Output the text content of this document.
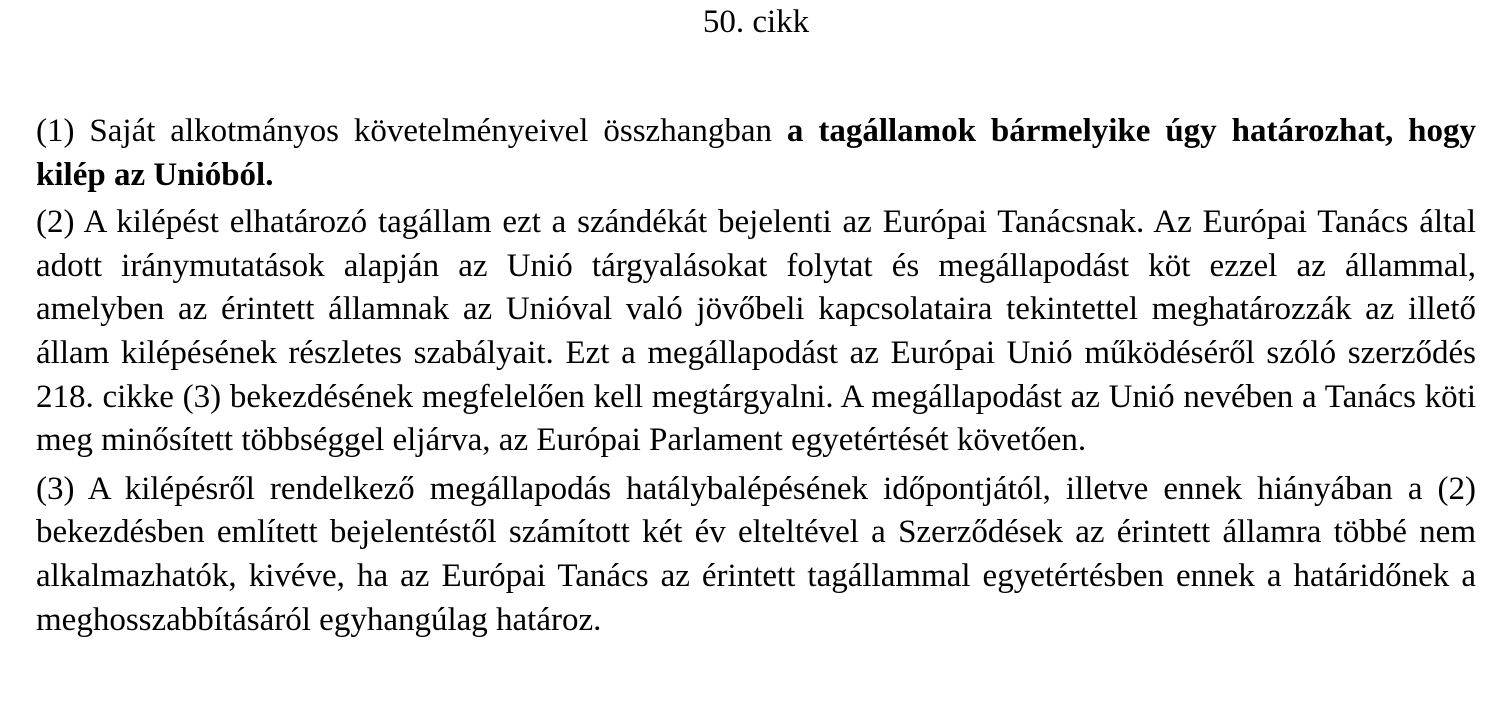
50. cikk

(1) Saját alkotmányos követelményeivel összhangban a tagállamok bármelyike úgy határozhat, hogy kilép az Unióból.

(2) A kilépést elhatározó tagállam ezt a szándékát bejelenti az Európai Tanácsnak. Az Európai Tanács által adott iránymutatások alapján az Unió tárgyalásokat folytat és megállapodást köt ezzel az állammal, amelyben az érintett államnak az Unióval való jövőbeli kapcsolataira tekintettel meghatározzák az illető állam kilépésének részletes szabályait. Ezt a megállapodást az Európai Unió működéséről szóló szerződés 218. cikke (3) bekezdésének megfelelően kell megtárgyalni. A megállapodást az Unió nevében a Tanács köti meg minősített többséggel eljárva, az Európai Parlament egyetértését követően.

(3) A kilépésről rendelkező megállapodás hatálybalépésének időpontjától, illetve ennek hiányában a (2) bekezdésben említett bejelentéstől számított két év elteltével a Szerződések az érintett államra többé nem alkalmazhatók, kivéve, ha az Európai Tanács az érintett tagállammal egyetértésben ennek a határidőnek a meghosszabbításáról egyhangúlag határoz.
